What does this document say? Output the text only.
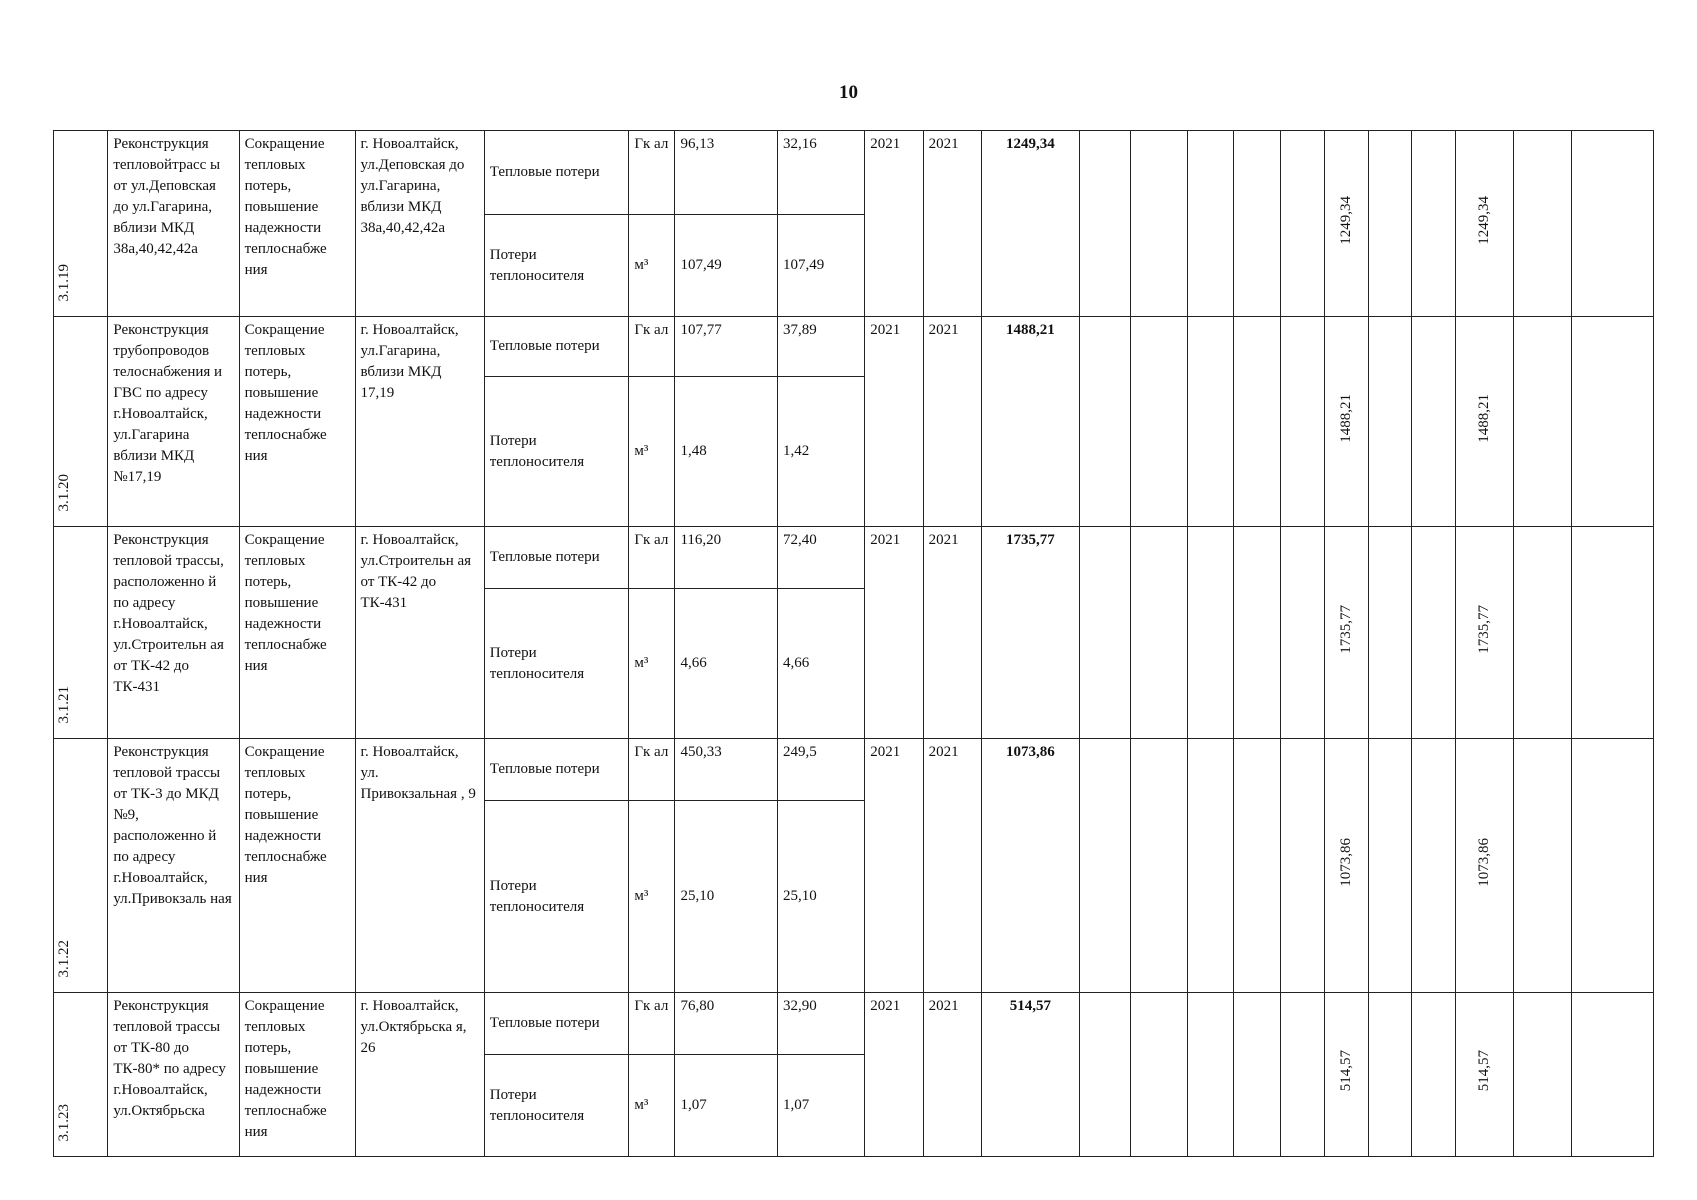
10
3.1.19	Реконструкция тепловойтрасс ы от ул.Деповская до ул.Гагарина, вблизи МКД 38а,40,42,42а	Сокращение тепловых потерь, повышение надежности теплоснабже ния	г. Новоалтайск, ул.Деповская до ул.Гагарина, вблизи МКД 38а,40,42,42а	Тепловые потери	Гк ал	96,13	32,16	2021	2021	1249,34						1249,34			1249,34			
				Потери теплоносителя	м³	107,49	107,49															
3.1.20	Реконструкция трубопроводов телоснабжения и ГВС по адресу г.Новоалтайск, ул.Гагарина вблизи МКД №17,19	Сокращение тепловых потерь, повышение надежности теплоснабже ния	г. Новоалтайск, ул.Гагарина, вблизи МКД 17,19	Тепловые потери	Гк ал	107,77	37,89	2021	2021	1488,21						1488,21			1488,21			
				Потери теплоносителя	м³	1,48	1,42															
3.1.21	Реконструкция тепловой трассы, расположенно й по адресу г.Новоалтайск, ул.Строительн ая от ТК-42 до ТК-431	Сокращение тепловых потерь, повышение надежности теплоснабже ния	г. Новоалтайск, ул.Строительн ая от ТК-42 до ТК-431	Тепловые потери	Гк ал	116,20	72,40	2021	2021	1735,77						1735,77			1735,77			
				Потери теплоносителя	м³	4,66	4,66															
3.1.22	Реконструкция тепловой трассы от ТК-3 до МКД №9, расположенно й по адресу г.Новоалтайск, ул.Привокзаль ная	Сокращение тепловых потерь, повышение надежности теплоснабже ния	г. Новоалтайск, ул. Привокзальная , 9	Тепловые потери	Гк ал	450,33	249,5	2021	2021	1073,86						1073,86			1073,86			
				Потери теплоносителя	м³	25,10	25,10															
3.1.23	Реконструкция тепловой трассы от ТК-80 до ТК-80* по адресу г.Новоалтайск, ул.Октябрьска	Сокращение тепловых потерь, повышение надежности теплоснабже ния	г. Новоалтайск, ул.Октябрьска я, 26	Тепловые потери	Гк ал	76,80	32,90	2021	2021	514,57						514,57			514,57			
				Потери теплоносителя	м³	1,07	1,07															
